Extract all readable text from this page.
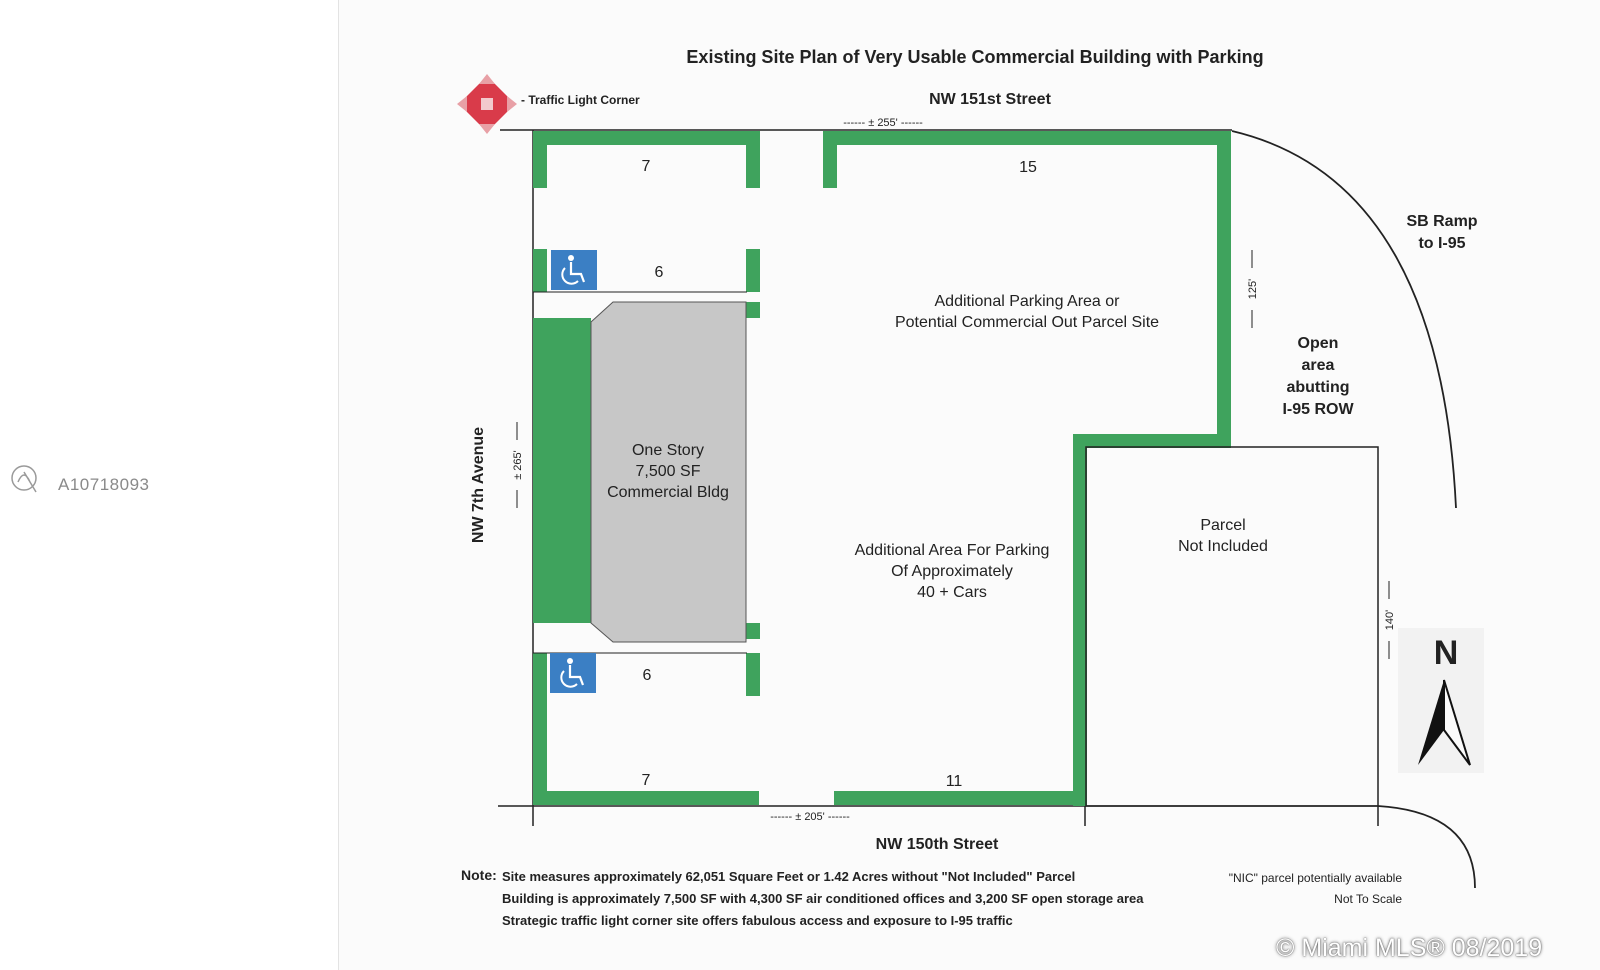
A10718093
Existing Site Plan of Very Usable Commercial Building with Parking
- Traffic Light Corner	NW 151st Street
NW 150th Street
NW 7th Avenue	One Story
7,500 SF
Commercial Bldg
7	15
6
6
7	11
Additional Parking Area or
Potential Commercial Out Parcel Site
Additional Area For Parking
Of Approximately
40 + Cars
Parcel
Not Included
SB Ramp
to I-95
Open
area
abutting
I-95 ROW
------ ± 255' ------
------ ± 205' ------
± 265'
125'
140'
N
Note: Site measures approximately 62,051 Square Feet or 1.42 Acres without "Not Included" Parcel
Building is approximately 7,500 SF with 4,300 SF air conditioned offices and 3,200 SF open storage area
Strategic traffic light corner site offers fabulous access and exposure to I-95 traffic
"NIC" parcel potentially available
Not To Scale
© Miami MLS® 08/2019
